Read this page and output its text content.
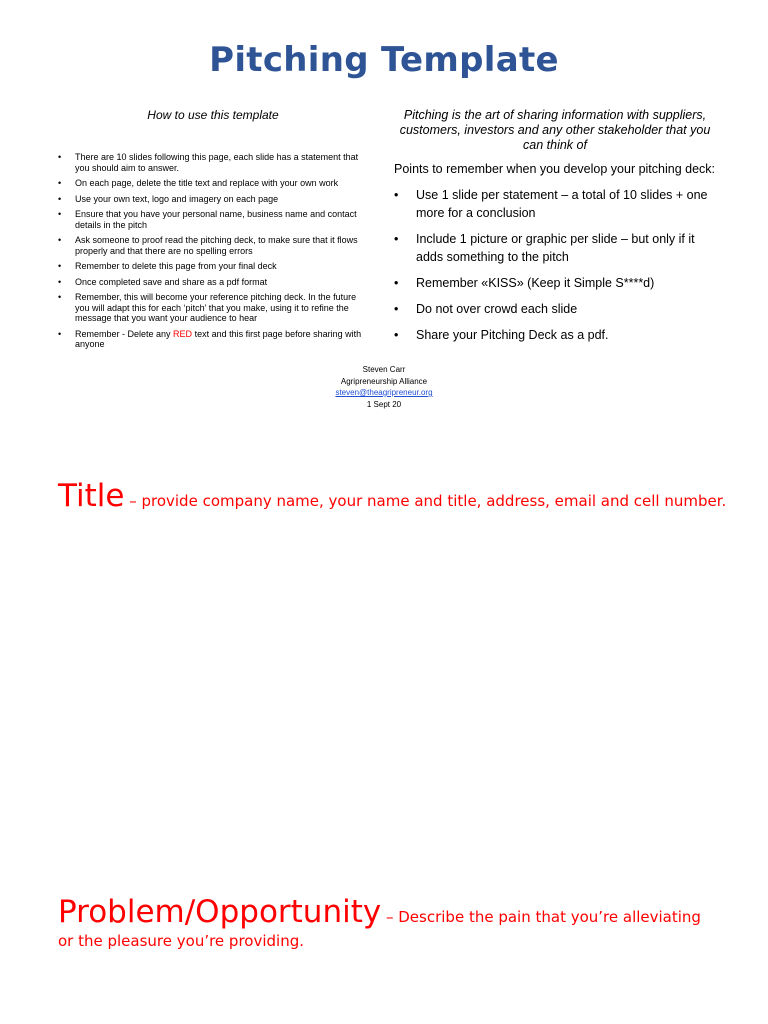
Pitching Template
How to use this template
• There are 10 slides following this page, each slide has a statement that you should aim to answer.
• On each page, delete the title text and replace with your own work
• Use your own text, logo and imagery on each page
• Ensure that you have your personal name, business name and contact details in the pitch
• Ask someone to proof read the pitching deck, to make sure that it flows properly and that there are no spelling errors
• Remember to delete this page from your final deck
• Once completed save and share as a pdf format
• Remember, this will become your reference pitching deck. In the future you will adapt this for each ‘pitch’ that you make, using it to refine the message that you want your audience to hear
• Remember - Delete any RED text and this first page before sharing with anyone
Pitching is the art of sharing information with suppliers, customers, investors and any other stakeholder that you can think of
Points to remember when you develop your pitching deck:
• Use 1 slide per statement – a total of 10 slides + one more for a conclusion
• Include 1 picture or graphic per slide – but only if it adds something to the pitch
• Remember «KISS» (Keep it Simple S****d)
• Do not over crowd each slide
• Share your Pitching Deck as a pdf.
Steven Carr
Agripreneurship Alliance
steven@theagripreneur.org
1 Sept 20
Title – provide company name, your name and title, address, email and cell number.
Problem/Opportunity – Describe the pain that you’re alleviating or the pleasure you’re providing.
